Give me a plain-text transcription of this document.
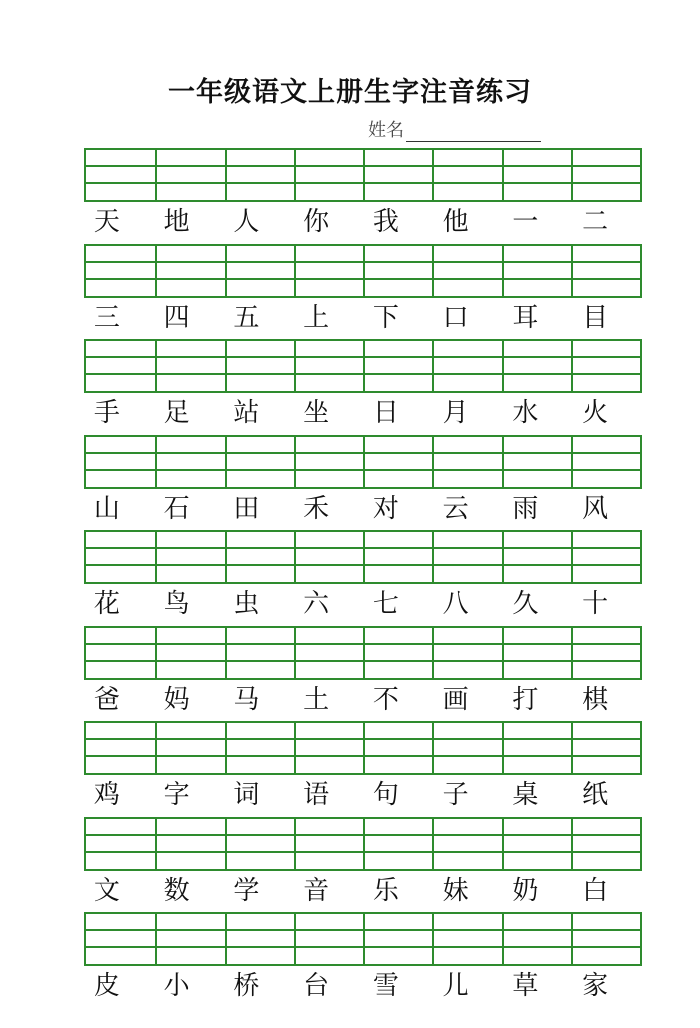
一年级语文上册生字注音练习
姓名
天	地	人	你	我	他	一	二
三	四	五	上	下	口	耳	目
手	足	站	坐	日	月	水	火
山	石	田	禾	对	云	雨	风
花	鸟	虫	六	七	八	久	十
爸	妈	马	土	不	画	打	棋
鸡	字	词	语	句	子	桌	纸
文	数	学	音	乐	妹	奶	白
皮	小	桥	台	雪	儿	草	家
